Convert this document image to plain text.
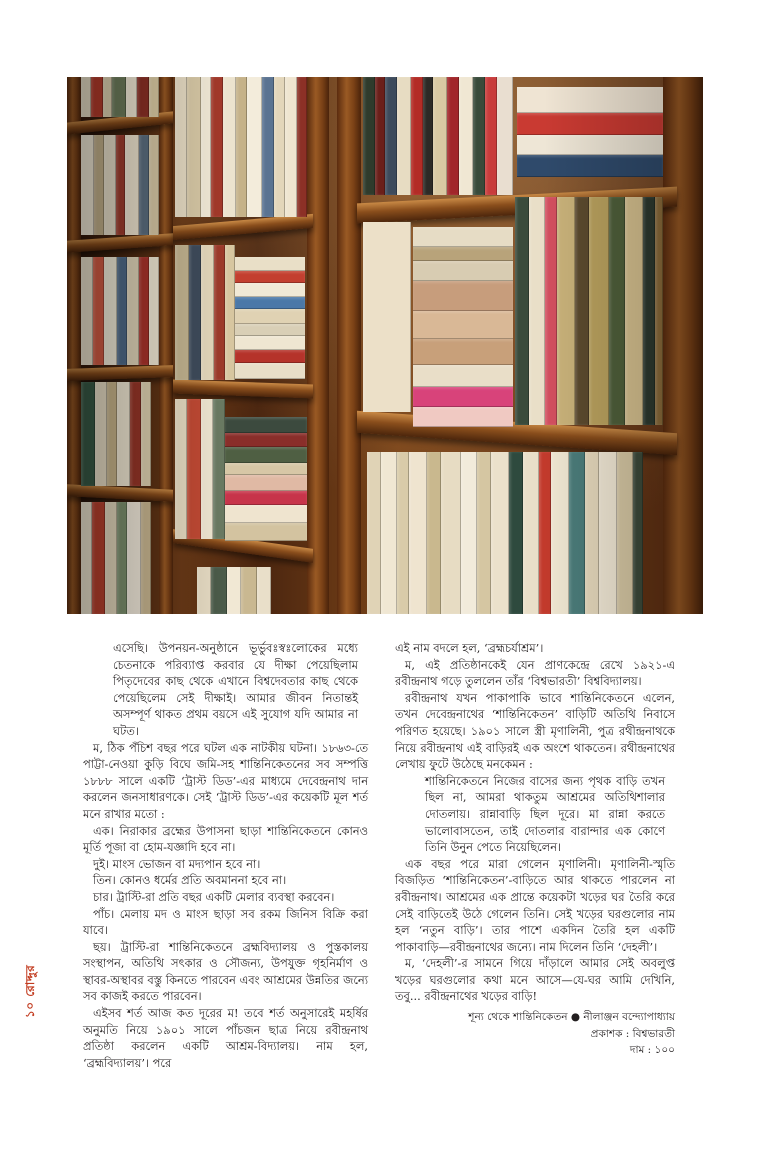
১০ রোদ্দুর

এসেছি। উপনয়ন-অনুষ্ঠানে ভূর্ভুবঃস্বঃলোকের মধ্যে চেতনাকে পরিব্যাপ্ত করবার যে দীক্ষা পেয়েছিলাম পিতৃদেবের কাছ থেকে এখানে বিশ্বদেবতার কাছ থেকে পেয়েছিলেম সেই দীক্ষাই। আমার জীবন নিতান্তই অসম্পূর্ণ থাকত প্রথম বয়সে এই সুযোগ যদি আমার না ঘটত।

ম, ঠিক পঁচিশ বছর পরে ঘটল এক নাটকীয় ঘটনা। ১৮৬৩-তে পাট্টা-নেওয়া কুড়ি বিঘে জমি-সহ শান্তিনিকেতনের সব সম্পত্তি ১৮৮৮ সালে একটি ‘ট্রাস্ট ডিড’-এর মাধ্যমে দেবেন্দ্রনাথ দান করলেন জনসাধারণকে। সেই ‘ট্রাস্ট ডিড’-এর কয়েকটি মূল শর্ত মনে রাখার মতো :

এক। নিরাকার ব্রহ্মের উপাসনা ছাড়া শান্তিনিকেতনে কোনও মূর্তি পূজা বা হোম-যজ্ঞাদি হবে না।

দুই। মাংস ভোজন বা মদ্যপান হবে না।

তিন। কোনও ধর্মের প্রতি অবমাননা হবে না।

চার। ট্রাস্টি-রা প্রতি বছর একটি মেলার ব্যবস্থা করবেন।

পাঁচ। মেলায় মদ ও মাংস ছাড়া সব রকম জিনিস বিক্রি করা যাবে।

ছয়। ট্রাস্টি-রা শান্তিনিকেতনে ব্রহ্মবিদ্যালয় ও পুস্তকালয় সংস্থাপন, অতিথি সৎকার ও সৌজন্য, উপযুক্ত গৃহনির্মাণ ও স্থাবর-অস্থাবর বস্তু কিনতে পারবেন এবং আশ্রমের উন্নতির জন্যে সব কাজই করতে পারবেন।

এইসব শর্ত আজ কত দূরের ম! তবে শর্ত অনুসারেই মহর্ষির অনুমতি নিয়ে ১৯০১ সালে পাঁচজন ছাত্র নিয়ে রবীন্দ্রনাথ প্রতিষ্ঠা করলেন একটি আশ্রম-বিদ্যালয়। নাম হল, ‘ব্রহ্মবিদ্যালয়’। পরে

এই নাম বদলে হল, ‘ব্রহ্মচর্যাশ্রম’।

ম, এই প্রতিষ্ঠানকেই যেন প্রাণকেন্দ্রে রেখে ১৯২১-এ রবীন্দ্রনাথ গড়ে তুললেন তাঁর ‘বিশ্বভারতী’ বিশ্ববিদ্যালয়।

রবীন্দ্রনাথ যখন পাকাপাকি ভাবে শান্তিনিকেতনে এলেন, তখন দেবেন্দ্রনাথের ‘শান্তিনিকেতন’ বাড়িটি অতিথি নিবাসে পরিণত হয়েছে। ১৯০১ সালে স্ত্রী মৃণালিনী, পুত্র রথীন্দ্রনাথকে নিয়ে রবীন্দ্রনাথ এই বাড়িরই এক অংশে থাকতেন। রথীন্দ্রনাথের লেখায় ফুটে উঠেছে মনকেমন :

শান্তিনিকেতনে নিজের বাসের জন্য পৃথক বাড়ি তখন ছিল না, আমরা থাকতুম আশ্রমের অতিথিশালার দোতলায়। রান্নাবাড়ি ছিল দূরে। মা রান্না করতে ভালোবাসতেন, তাই দোতলার বারান্দার এক কোণে তিনি উনুন পেতে নিয়েছিলেন।

এক বছর পরে মারা গেলেন মৃণালিনী। মৃণালিনী-স্মৃতি বিজড়িত ‘শান্তিনিকেতন’-বাড়িতে আর থাকতে পারলেন না রবীন্দ্রনাথ। আশ্রমের এক প্রান্তে কয়েকটা খড়ের ঘর তৈরি করে সেই বাড়িতেই উঠে গেলেন তিনি। সেই খড়ের ঘরগুলোর নাম হল ‘নতুন বাড়ি’। তার পাশে একদিন তৈরি হল একটি পাকাবাড়ি—রবীন্দ্রনাথের জন্যে। নাম দিলেন তিনি ‘দেহলী’।

ম, ‘দেহলী’-র সামনে গিয়ে দাঁড়ালে আমার সেই অবলুপ্ত খড়ের ঘরগুলোর কথা মনে আসে—যে-ঘর আমি দেখিনি, তবু... রবীন্দ্রনাথের খড়ের বাড়ি!

শূন্য থেকে শান্তিনিকেতন ● নীলাঞ্জন বন্দ্যোপাধ্যায়

প্রকাশক : বিশ্বভারতী

দাম : ১০০
